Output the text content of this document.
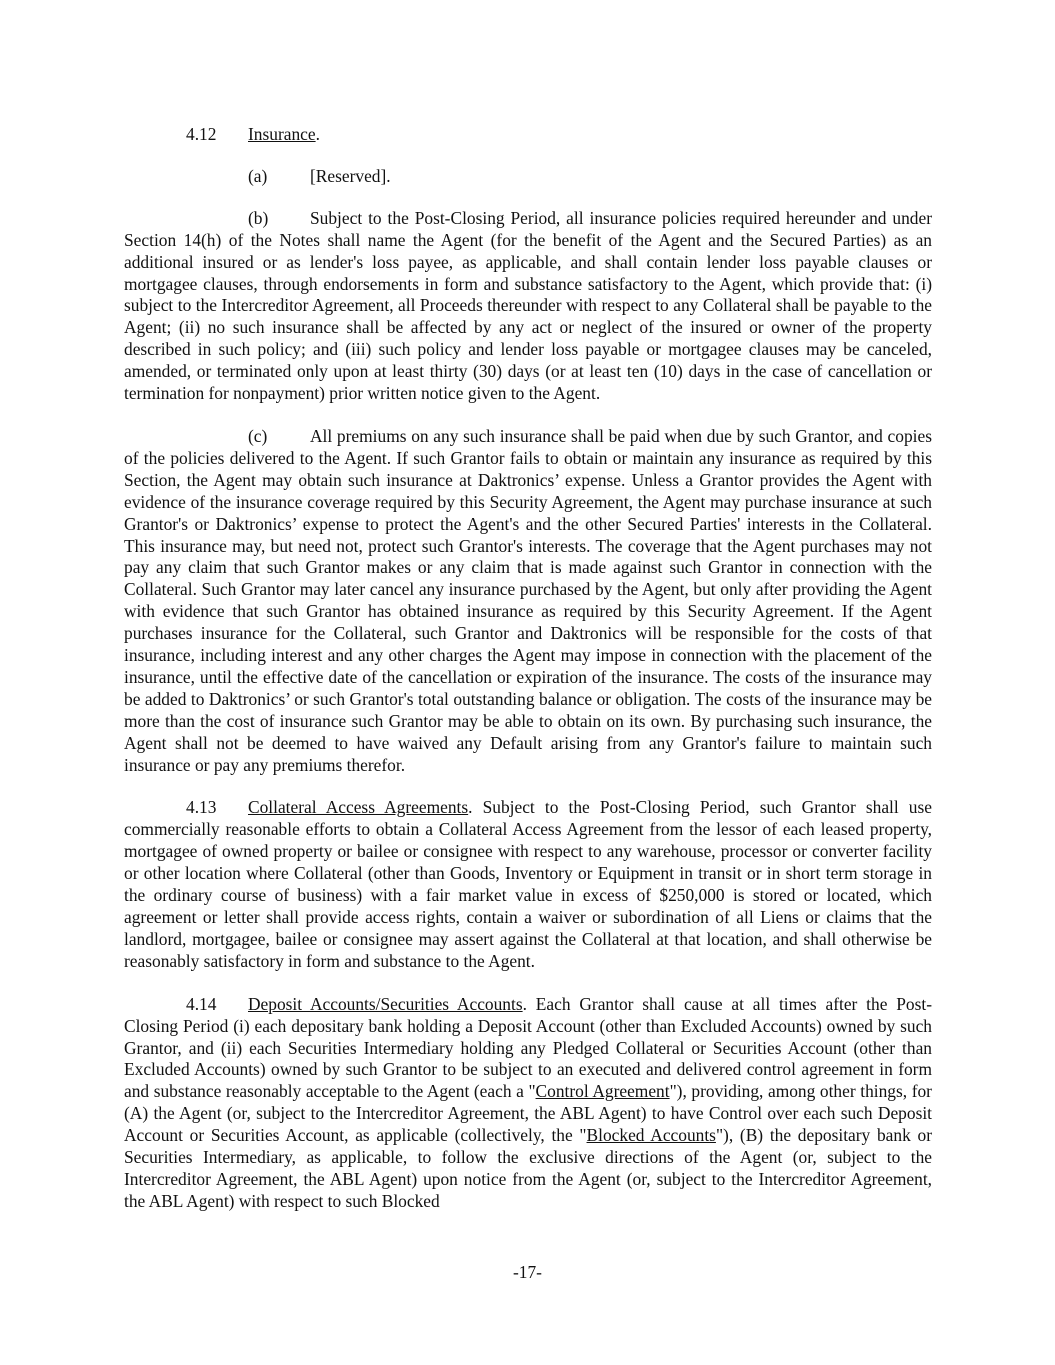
4.12 Insurance.
(a) [Reserved].

(b) Subject to the Post-Closing Period, all insurance policies required hereunder and under Section 14(h) of the Notes shall name the Agent (for the benefit of the Agent and the Secured Parties) as an additional insured or as lender's loss payee, as applicable, and shall contain lender loss payable clauses or mortgagee clauses, through endorsements in form and substance satisfactory to the Agent, which provide that: (i) subject to the Intercreditor Agreement, all Proceeds thereunder with respect to any Collateral shall be payable to the Agent; (ii) no such insurance shall be affected by any act or neglect of the insured or owner of the property described in such policy; and (iii) such policy and lender loss payable or mortgagee clauses may be canceled, amended, or terminated only upon at least thirty (30) days (or at least ten (10) days in the case of cancellation or termination for nonpayment) prior written notice given to the Agent.

(c) All premiums on any such insurance shall be paid when due by such Grantor, and copies of the policies delivered to the Agent. If such Grantor fails to obtain or maintain any insurance as required by this Section, the Agent may obtain such insurance at Daktronics’ expense. Unless a Grantor provides the Agent with evidence of the insurance coverage required by this Security Agreement, the Agent may purchase insurance at such Grantor's or Daktronics’ expense to protect the Agent's and the other Secured Parties' interests in the Collateral. This insurance may, but need not, protect such Grantor's interests. The coverage that the Agent purchases may not pay any claim that such Grantor makes or any claim that is made against such Grantor in connection with the Collateral. Such Grantor may later cancel any insurance purchased by the Agent, but only after providing the Agent with evidence that such Grantor has obtained insurance as required by this Security Agreement. If the Agent purchases insurance for the Collateral, such Grantor and Daktronics will be responsible for the costs of that insurance, including interest and any other charges the Agent may impose in connection with the placement of the insurance, until the effective date of the cancellation or expiration of the insurance. The costs of the insurance may be added to Daktronics’ or such Grantor's total outstanding balance or obligation. The costs of the insurance may be more than the cost of insurance such Grantor may be able to obtain on its own. By purchasing such insurance, the Agent shall not be deemed to have waived any Default arising from any Grantor's failure to maintain such insurance or pay any premiums therefor.

4.13 Collateral Access Agreements. Subject to the Post-Closing Period, such Grantor shall use commercially reasonable efforts to obtain a Collateral Access Agreement from the lessor of each leased property, mortgagee of owned property or bailee or consignee with respect to any warehouse, processor or converter facility or other location where Collateral (other than Goods, Inventory or Equipment in transit or in short term storage in the ordinary course of business) with a fair market value in excess of $250,000 is stored or located, which agreement or letter shall provide access rights, contain a waiver or subordination of all Liens or claims that the landlord, mortgagee, bailee or consignee may assert against the Collateral at that location, and shall otherwise be reasonably satisfactory in form and substance to the Agent.

4.14 Deposit Accounts/Securities Accounts. Each Grantor shall cause at all times after the Post-Closing Period (i) each depositary bank holding a Deposit Account (other than Excluded Accounts) owned by such Grantor, and (ii) each Securities Intermediary holding any Pledged Collateral or Securities Account (other than Excluded Accounts) owned by such Grantor to be subject to an executed and delivered control agreement in form and substance reasonably acceptable to the Agent (each a "Control Agreement"), providing, among other things, for (A) the Agent (or, subject to the Intercreditor Agreement, the ABL Agent) to have Control over each such Deposit Account or Securities Account, as applicable (collectively, the "Blocked Accounts"), (B) the depositary bank or Securities Intermediary, as applicable, to follow the exclusive directions of the Agent (or, subject to the Intercreditor Agreement, the ABL Agent) upon notice from the Agent (or, subject to the Intercreditor Agreement, the ABL Agent) with respect to such Blocked

-17-
